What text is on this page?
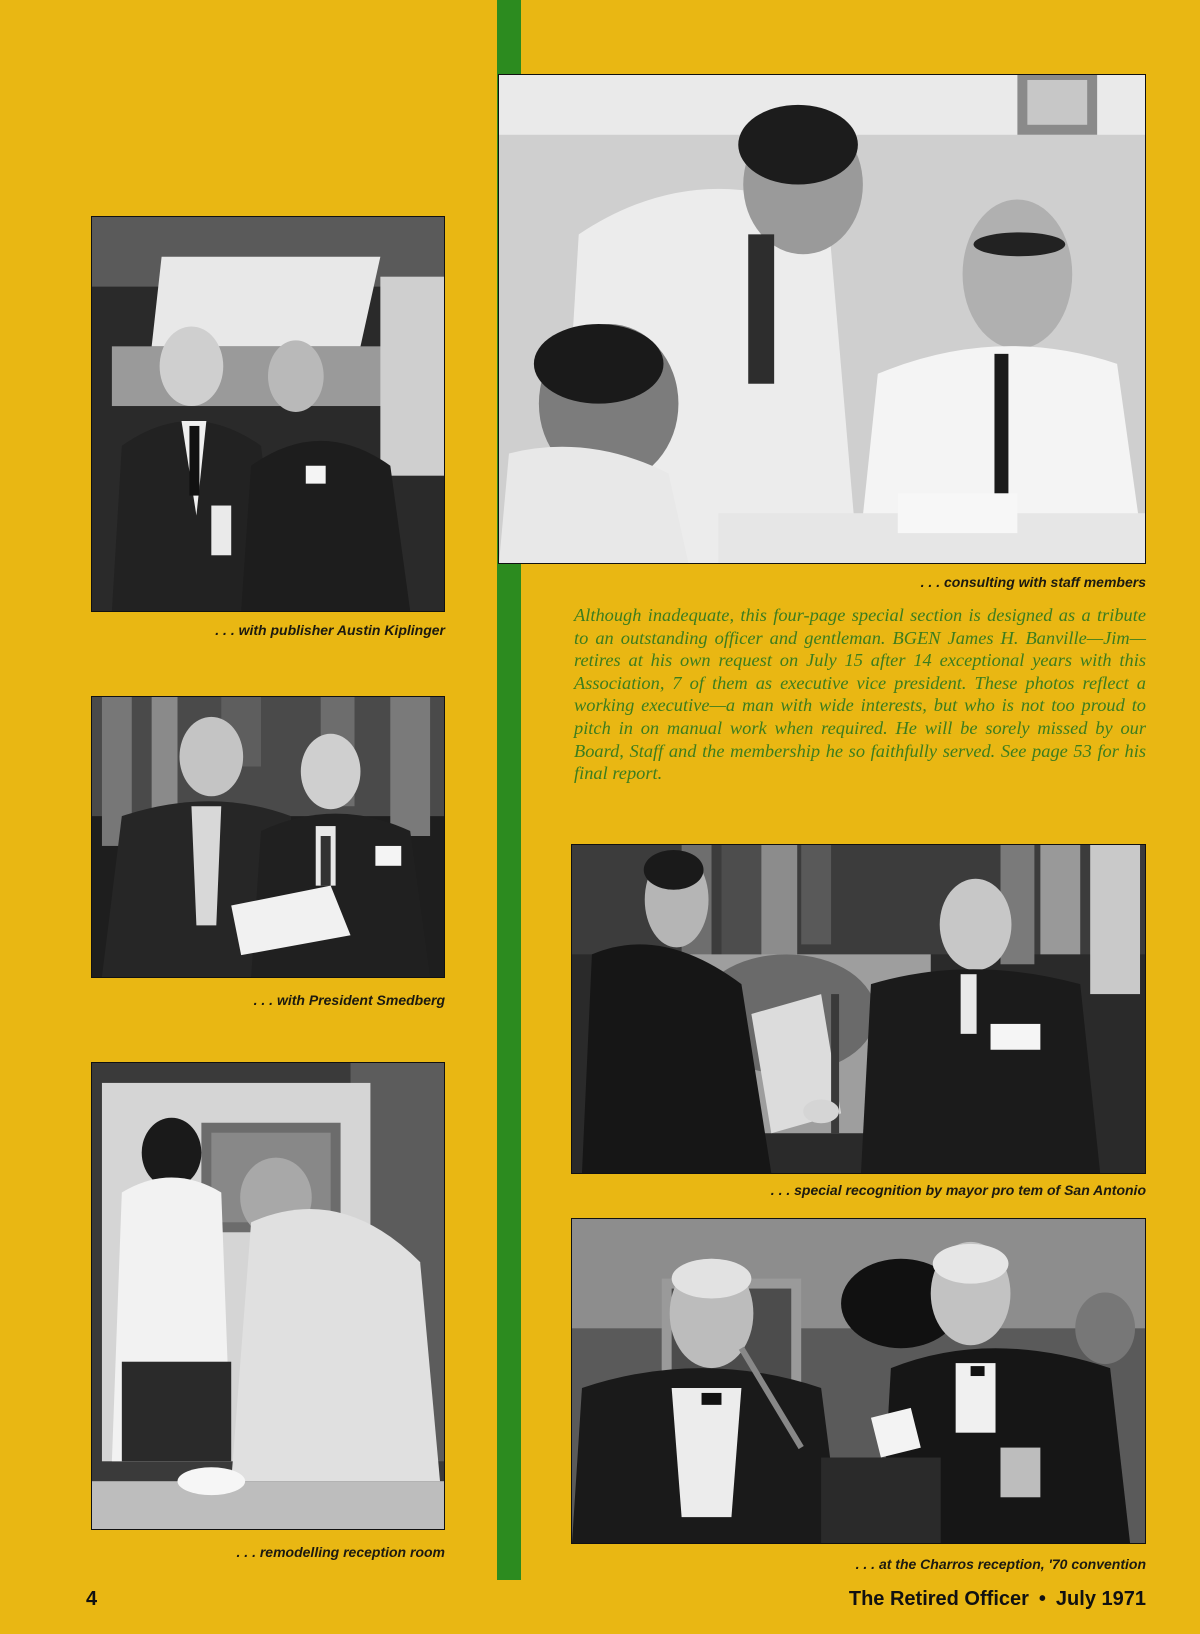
. . . with publisher Austin Kiplinger
. . . with President Smedberg
. . . remodelling reception room
. . . consulting with staff members
Although inadequate, this four-page special section is designed as a tribute to an outstanding officer and gentleman. BGEN James H. Banville—Jim—retires at his own request on July 15 after 14 exceptional years with this Association, 7 of them as executive vice president. These photos reflect a working executive—a man with wide interests, but who is not too proud to pitch in on manual work when required. He will be sorely missed by our Board, Staff and the membership he so faithfully served. See page 53 for his final report.
. . . special recognition by mayor pro tem of San Antonio
. . . at the Charros reception, '70 convention
4	The Retired Officer • July 1971
